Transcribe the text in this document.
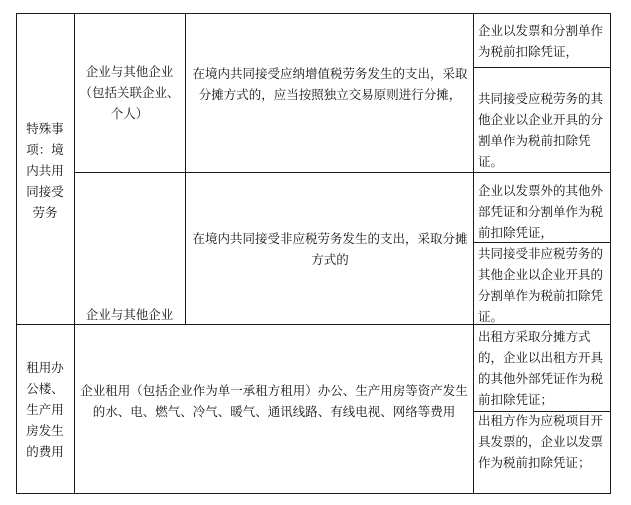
特殊事项：境内共用同接受劳务
企业与其他企业（包括关联企业、个人）
在境内共同接受应纳增值税劳务发生的支出，采取分摊方式的，应当按照独立交易原则进行分摊，
企业以发票和分割单作为税前扣除凭证，
共同接受应税劳务的其他企业以企业开具的分割单作为税前扣除凭证。
企业与其他企业
在境内共同接受非应税劳务发生的支出，采取分摊方式的
企业以发票外的其他外部凭证和分割单作为税前扣除凭证，
共同接受非应税劳务的其他企业以企业开具的分割单作为税前扣除凭证。
租用办公楼、生产用房发生的费用
企业租用（包括企业作为单一承租方租用）办公、生产用房等资产发生的水、电、燃气、冷气、暖气、通讯线路、有线电视、网络等费用
出租方采取分摊方式的，企业以出租方开具的其他外部凭证作为税前扣除凭证；
出租方作为应税项目开具发票的，企业以发票作为税前扣除凭证；
